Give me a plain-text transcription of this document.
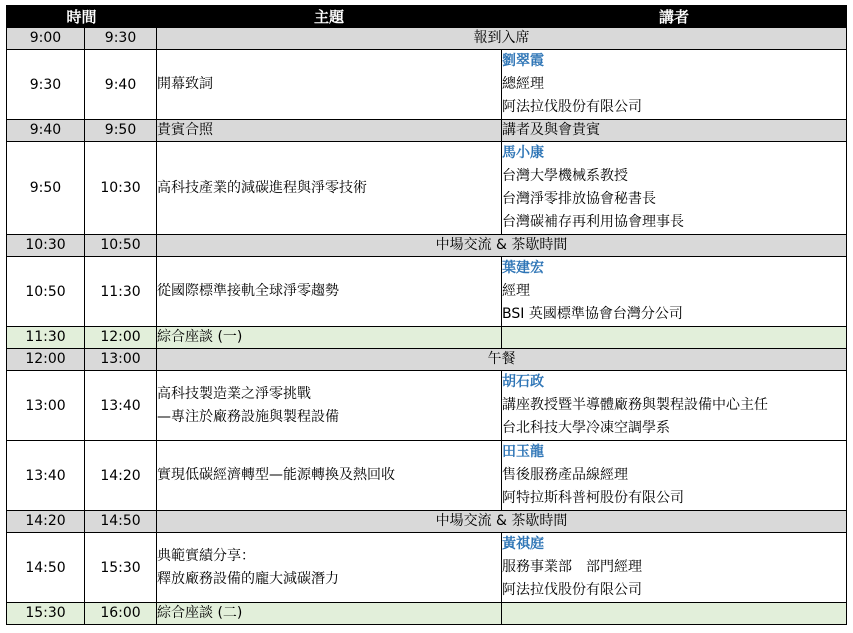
時間		主題	講者
9:00	9:30	報到入席	
9:30	9:40	開幕致詞	劉翠霞
總經理
阿法拉伐股份有限公司

9:40	9:50	貴賓合照	講者及與會貴賓

9:50	10:30	高科技產業的減碳進程與淨零技術	馬小康
台灣大學機械系教授
台灣淨零排放協會秘書長
台灣碳補存再利用協會理事長

10:30	10:50	中場交流 & 茶歇時間	
10:50	11:30	從國際標準接軌全球淨零趨勢	葉建宏
經理
BSI 英國標準協會台灣分公司

11:30	12:00	綜合座談 (一)	

12:00	13:00	午餐	
13:00	13:40	高科技製造業之淨零挑戰
—專注於廠務設施與製程設備	胡石政
講座教授暨半導體廠務與製程設備中心主任
台北科技大學冷凍空調學系

13:40	14:20	實現低碳經濟轉型—能源轉換及熱回收	田玉龍
售後服務產品線經理
阿特拉斯科普柯股份有限公司

14:20	14:50	中場交流 & 茶歇時間	
14:50	15:30	典範實績分享：
釋放廠務設備的龐大減碳潛力	黃祺庭
服務事業部　部門經理
阿法拉伐股份有限公司

15:30	16:00	綜合座談 (二)	
